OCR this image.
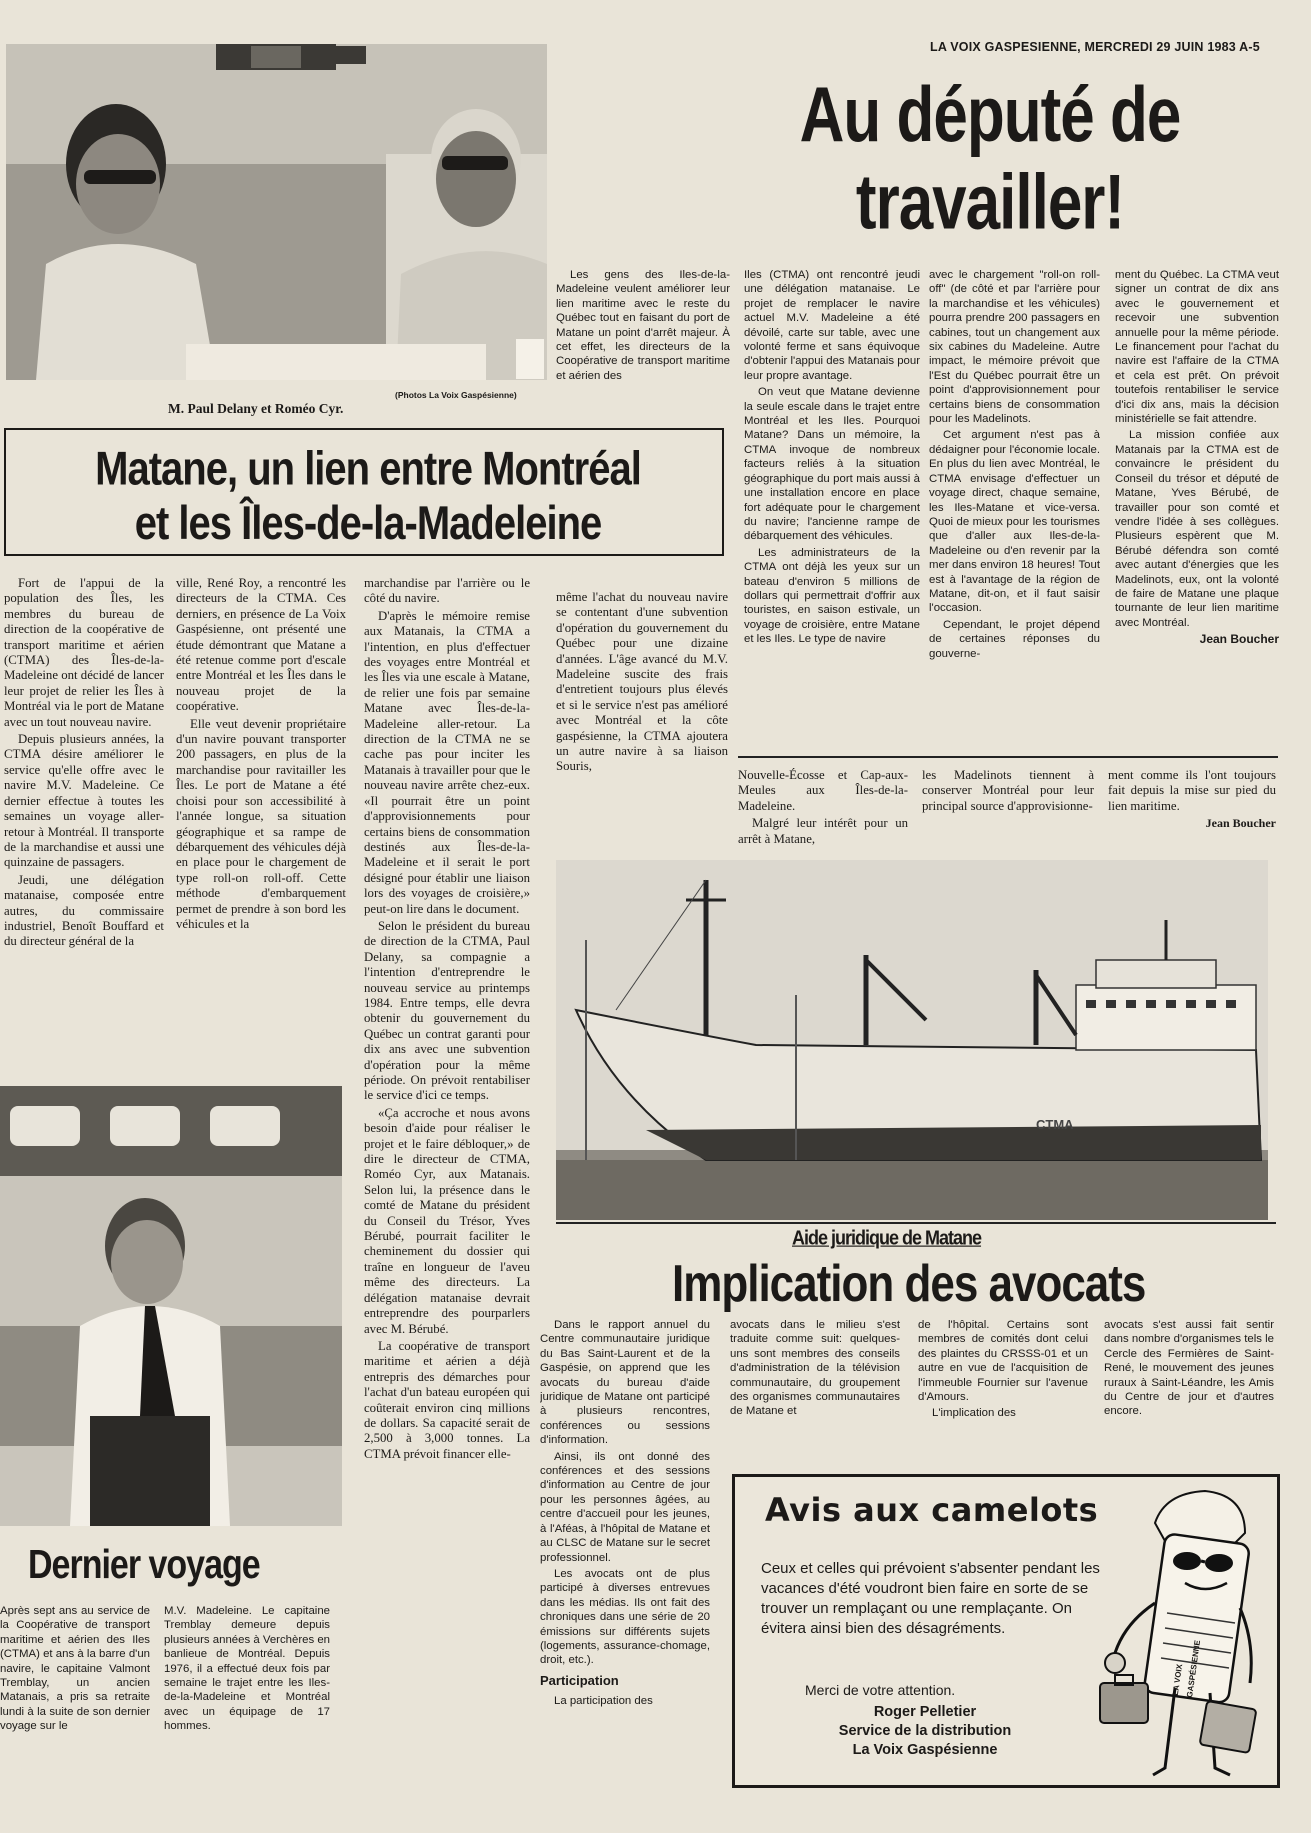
LA VOIX GASPESIENNE, MERCREDI 29 JUIN 1983 A-5
(Photos La Voix Gaspésienne)
M. Paul Delany et Roméo Cyr.
Au député de
travailler!

Les gens des Iles-de-la-Madeleine veulent améliorer leur lien maritime avec le reste du Québec tout en faisant du port de Matane un point d'arrêt majeur. À cet effet, les directeurs de la Coopérative de transport maritime et aérien des

Iles (CTMA) ont rencontré jeudi une délégation matanaise. Le projet de remplacer le navire actuel M.V. Madeleine a été dévoilé, carte sur table, avec une volonté ferme et sans équivoque d'obtenir l'appui des Matanais pour leur propre avantage.

On veut que Matane devienne la seule escale dans le trajet entre Montréal et les Iles. Pourquoi Matane? Dans un mémoire, la CTMA invoque de nombreux facteurs reliés à la situation géographique du port mais aussi à une installation encore en place fort adéquate pour le chargement du navire; l'ancienne rampe de débarquement des véhicules.

Les administrateurs de la CTMA ont déjà les yeux sur un bateau d'environ 5 millions de dollars qui permettrait d'offrir aux touristes, en saison estivale, un voyage de croisière, entre Matane et les Iles. Le type de navire

avec le chargement "roll-on roll-off" (de côté et par l'arrière pour la marchandise et les véhicules) pourra prendre 200 passagers en cabines, tout un changement aux six cabines du Madeleine. Autre impact, le mémoire prévoit que l'Est du Québec pourrait être un point d'approvisionnement pour certains biens de consommation pour les Madelinots.

Cet argument n'est pas à dédaigner pour l'économie locale. En plus du lien avec Montréal, le CTMA envisage d'effectuer un voyage direct, chaque semaine, les Iles-Matane et vice-versa. Quoi de mieux pour les tourismes que d'aller aux Iles-de-la-Madeleine ou d'en revenir par la mer dans environ 18 heures! Tout est à l'avantage de la région de Matane, dit-on, et il faut saisir l'occasion.

Cependant, le projet dépend de certaines réponses du gouverne-

ment du Québec. La CTMA veut signer un contrat de dix ans avec le gouvernement et recevoir une subvention annuelle pour la même période. Le financement pour l'achat du navire est l'affaire de la CTMA et cela est prêt. On prévoit toutefois rentabiliser le service d'ici dix ans, mais la décision ministérielle se fait attendre.

La mission confiée aux Matanais par la CTMA est de convaincre le président du Conseil du trésor et député de Matane, Yves Bérubé, de travailler pour son comté et vendre l'idée à ses collègues. Plusieurs espèrent que M. Bérubé défendra son comté avec autant d'énergies que les Madelinots, eux, ont la volonté de faire de Matane une plaque tournante de leur lien maritime avec Montréal.

Jean Boucher

Matane, un lien entre Montréal
et les Îles-de-la-Madeleine

Fort de l'appui de la population des Îles, les membres du bureau de direction de la coopérative de transport maritime et aérien (CTMA) des Îles-de-la-Madeleine ont décidé de lancer leur projet de relier les Îles à Montréal via le port de Matane avec un tout nouveau navire.

Depuis plusieurs années, la CTMA désire améliorer le service qu'elle offre avec le navire M.V. Madeleine. Ce dernier effectue à toutes les semaines un voyage aller-retour à Montréal. Il transporte de la marchandise et aussi une quinzaine de passagers.

Jeudi, une délégation matanaise, composée entre autres, du commissaire industriel, Benoît Bouffard et du directeur général de la

ville, René Roy, a rencontré les directeurs de la CTMA. Ces derniers, en présence de La Voix Gaspésienne, ont présenté une étude démontrant que Matane a été retenue comme port d'escale entre Montréal et les Îles dans le nouveau projet de la coopérative.

Elle veut devenir propriétaire d'un navire pouvant transporter 200 passagers, en plus de la marchandise pour ravitailler les Îles. Le port de Matane a été choisi pour son accessibilité à l'année longue, sa situation géographique et sa rampe de débarquement des véhicules déjà en place pour le chargement de type roll-on roll-off. Cette méthode d'embarquement permet de prendre à son bord les véhicules et la

marchandise par l'arrière ou le côté du navire.

D'après le mémoire remise aux Matanais, la CTMA a l'intention, en plus d'effectuer des voyages entre Montréal et les Îles via une escale à Matane, de relier une fois par semaine Matane avec Îles-de-la-Madeleine aller-retour. La direction de la CTMA ne se cache pas pour inciter les Matanais à travailler pour que le nouveau navire arrête chez-eux. «Il pourrait être un point d'approvisionnements pour certains biens de consommation destinés aux Îles-de-la-Madeleine et il serait le port désigné pour établir une liaison lors des voyages de croisière,» peut-on lire dans le document.

Selon le président du bureau de direction de la CTMA, Paul Delany, sa compagnie a l'intention d'entreprendre le nouveau service au printemps 1984. Entre temps, elle devra obtenir du gouvernement du Québec un contrat garanti pour dix ans avec une subvention d'opération pour la même période. On prévoit rentabiliser le service d'ici ce temps.

«Ça accroche et nous avons besoin d'aide pour réaliser le projet et le faire débloquer,» de dire le directeur de CTMA, Roméo Cyr, aux Matanais. Selon lui, la présence dans le comté de Matane du président du Conseil du Trésor, Yves Bérubé, pourrait faciliter le cheminement du dossier qui traîne en longueur de l'aveu même des directeurs. La délégation matanaise devrait entreprendre des pourparlers avec M. Bérubé.

La coopérative de transport maritime et aérien a déjà entrepris des démarches pour l'achat d'un bateau européen qui coûterait environ cinq millions de dollars. Sa capacité serait de 2,500 à 3,000 tonnes. La CTMA prévoit financer elle-

même l'achat du nouveau navire se contentant d'une subvention d'opération du gouvernement du Québec pour une dizaine d'années. L'âge avancé du M.V. Madeleine suscite des frais d'entretient toujours plus élevés et si le service n'est pas amélioré avec Montréal et la côte gaspésienne, la CTMA ajoutera un autre navire à sa liaison Souris,

Nouvelle-Écosse et Cap-aux-Meules aux Îles-de-la-Madeleine.

Malgré leur intérêt pour un arrêt à Matane,

les Madelinots tiennent à conserver Montréal pour leur principal source d'approvisionne-

ment comme ils l'ont toujours fait depuis la mise sur pied du lien maritime.

Jean Boucher

CTMA
Aide juridique de Matane
Implication des avocats

Dans le rapport annuel du Centre communautaire juridique du Bas Saint-Laurent et de la Gaspésie, on apprend que les avocats du bureau d'aide juridique de Matane ont participé à plusieurs rencontres, conférences ou sessions d'information.

Ainsi, ils ont donné des conférences et des sessions d'information au Centre de jour pour les personnes âgées, au centre d'accueil pour les jeunes, à l'Aféas, à l'hôpital de Matane et au CLSC de Matane sur le secret professionnel.

Les avocats ont de plus participé à diverses entrevues dans les médias. Ils ont fait des chroniques dans une série de 20 émissions sur différents sujets (logements, assurance-chomage, droit, etc.).

Participation

La participation des

avocats dans le milieu s'est traduite comme suit: quelques-uns sont membres des conseils d'administration de la télévision communautaire, du groupement des organismes communautaires de Matane et

de l'hôpital. Certains sont membres de comités dont celui des plaintes du CRSSS-01 et un autre en vue de l'acquisition de l'immeuble Fournier sur l'avenue d'Amours.

L'implication des

avocats s'est aussi fait sentir dans nombre d'organismes tels le Cercle des Fermières de Saint-René, le mouvement des jeunes ruraux à Saint-Léandre, les Amis du Centre de jour et d'autres encore.

Avis aux camelots
Ceux et celles qui prévoient s'absenter pendant les vacances d'été voudront bien faire en sorte de se trouver un remplaçant ou une remplaçante. On évitera ainsi bien des désagréments.
Merci de votre attention.
Roger Pelletier
Service de la distribution
La Voix Gaspésienne
LA VOIX GASPÉSIENNE
Dernier voyage

Après sept ans au service de la Coopérative de transport maritime et aérien des Iles (CTMA) et ans à la barre d'un navire, le capitaine Valmont Tremblay, un ancien Matanais, a pris sa retraite lundi à la suite de son dernier voyage sur le

M.V. Madeleine. Le capitaine Tremblay demeure depuis plusieurs années à Verchères en banlieue de Montréal. Depuis 1976, il a effectué deux fois par semaine le trajet entre les Iles-de-la-Madeleine et Montréal avec un équipage de 17 hommes.
